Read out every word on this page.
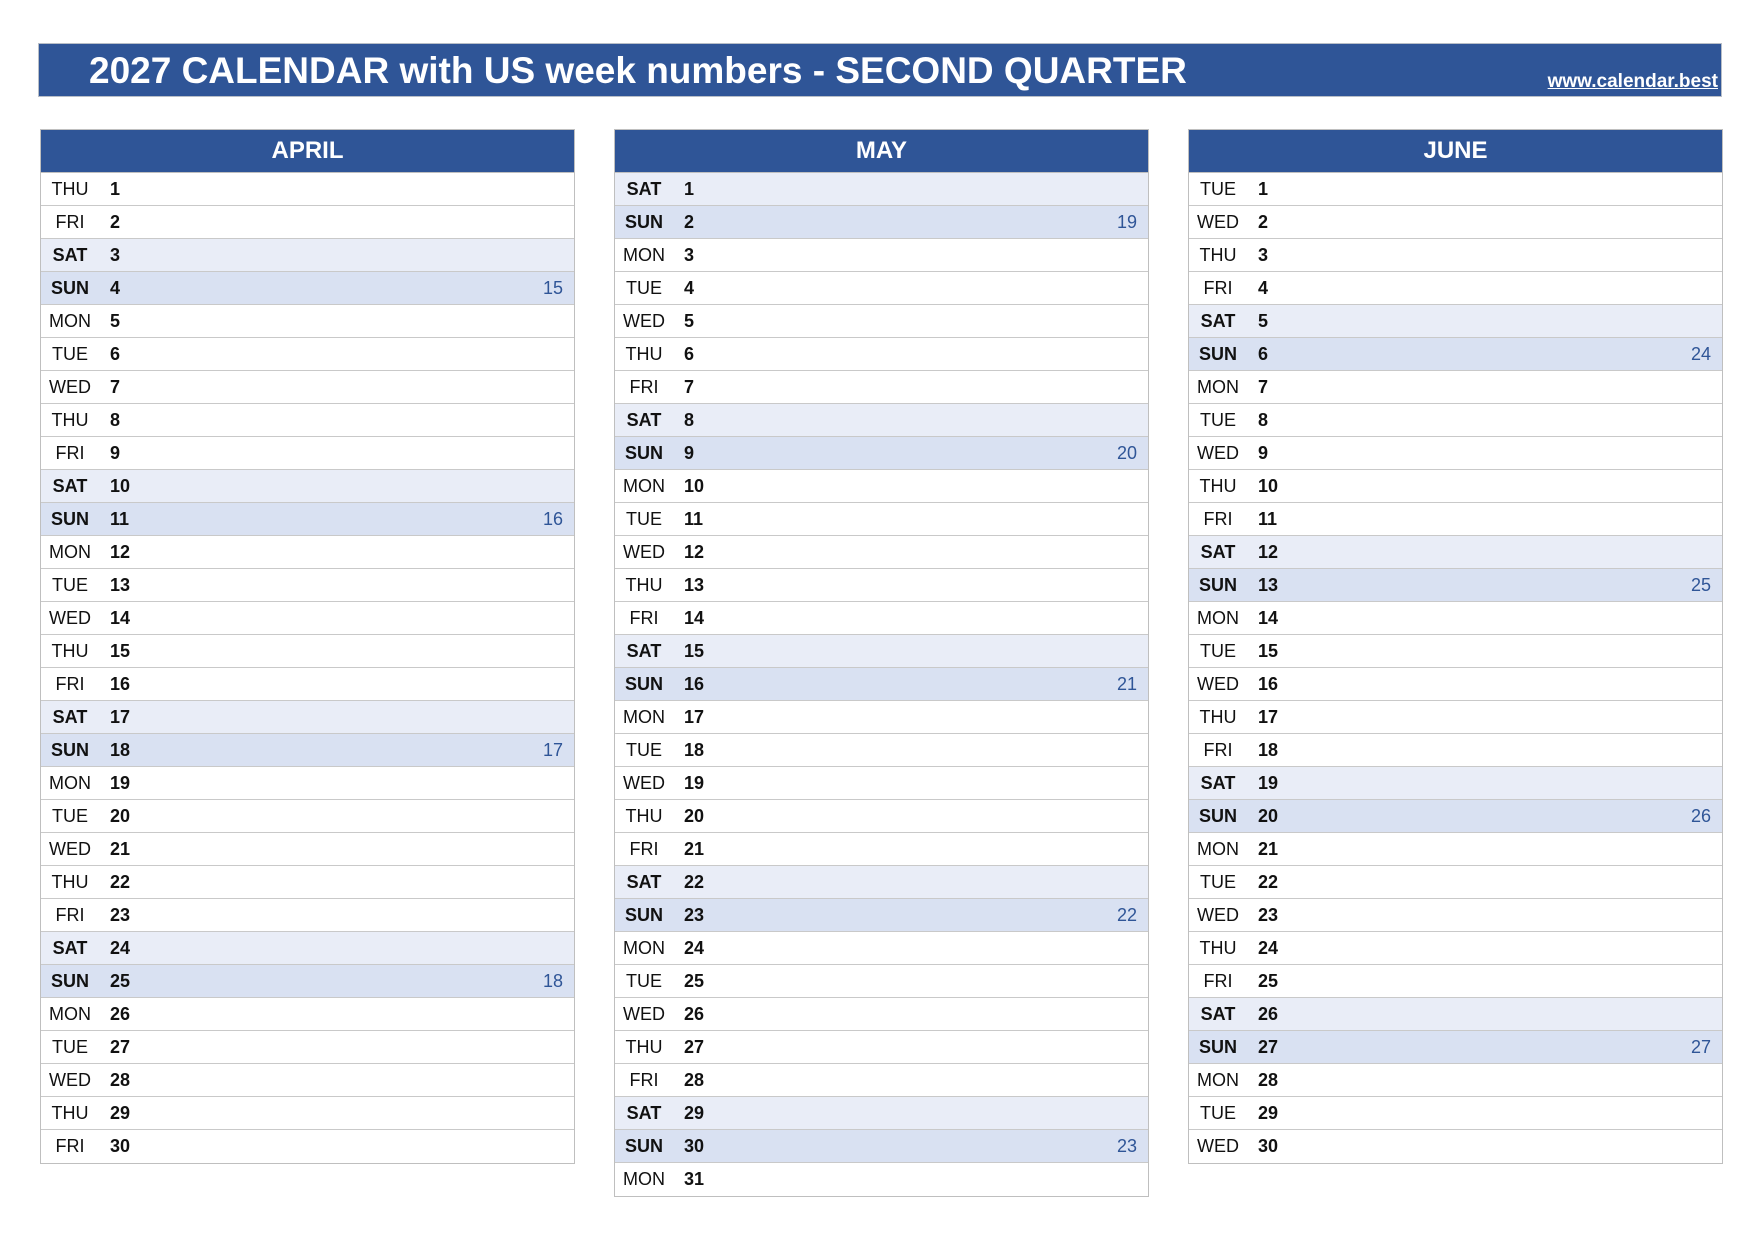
2027 CALENDAR with US week numbers - SECOND QUARTER	www.calendar.best
APRIL
THU	1
FRI	2
SAT	3
SUN	4	15
MON	5
TUE	6
WED	7
THU	8
FRI	9
SAT	10
SUN	11	16
MON	12
TUE	13
WED	14
THU	15
FRI	16
SAT	17
SUN	18	17
MON	19
TUE	20
WED	21
THU	22
FRI	23
SAT	24
SUN	25	18
MON	26
TUE	27
WED	28
THU	29
FRI	30
MAY
SAT	1
SUN	2	19
MON	3
TUE	4
WED	5
THU	6
FRI	7
SAT	8
SUN	9	20
MON	10
TUE	11
WED	12
THU	13
FRI	14
SAT	15
SUN	16	21
MON	17
TUE	18
WED	19
THU	20
FRI	21
SAT	22
SUN	23	22
MON	24
TUE	25
WED	26
THU	27
FRI	28
SAT	29
SUN	30	23
MON	31
JUNE
TUE	1
WED	2
THU	3
FRI	4
SAT	5
SUN	6	24
MON	7
TUE	8
WED	9
THU	10
FRI	11
SAT	12
SUN	13	25
MON	14
TUE	15
WED	16
THU	17
FRI	18
SAT	19
SUN	20	26
MON	21
TUE	22
WED	23
THU	24
FRI	25
SAT	26
SUN	27	27
MON	28
TUE	29
WED	30
